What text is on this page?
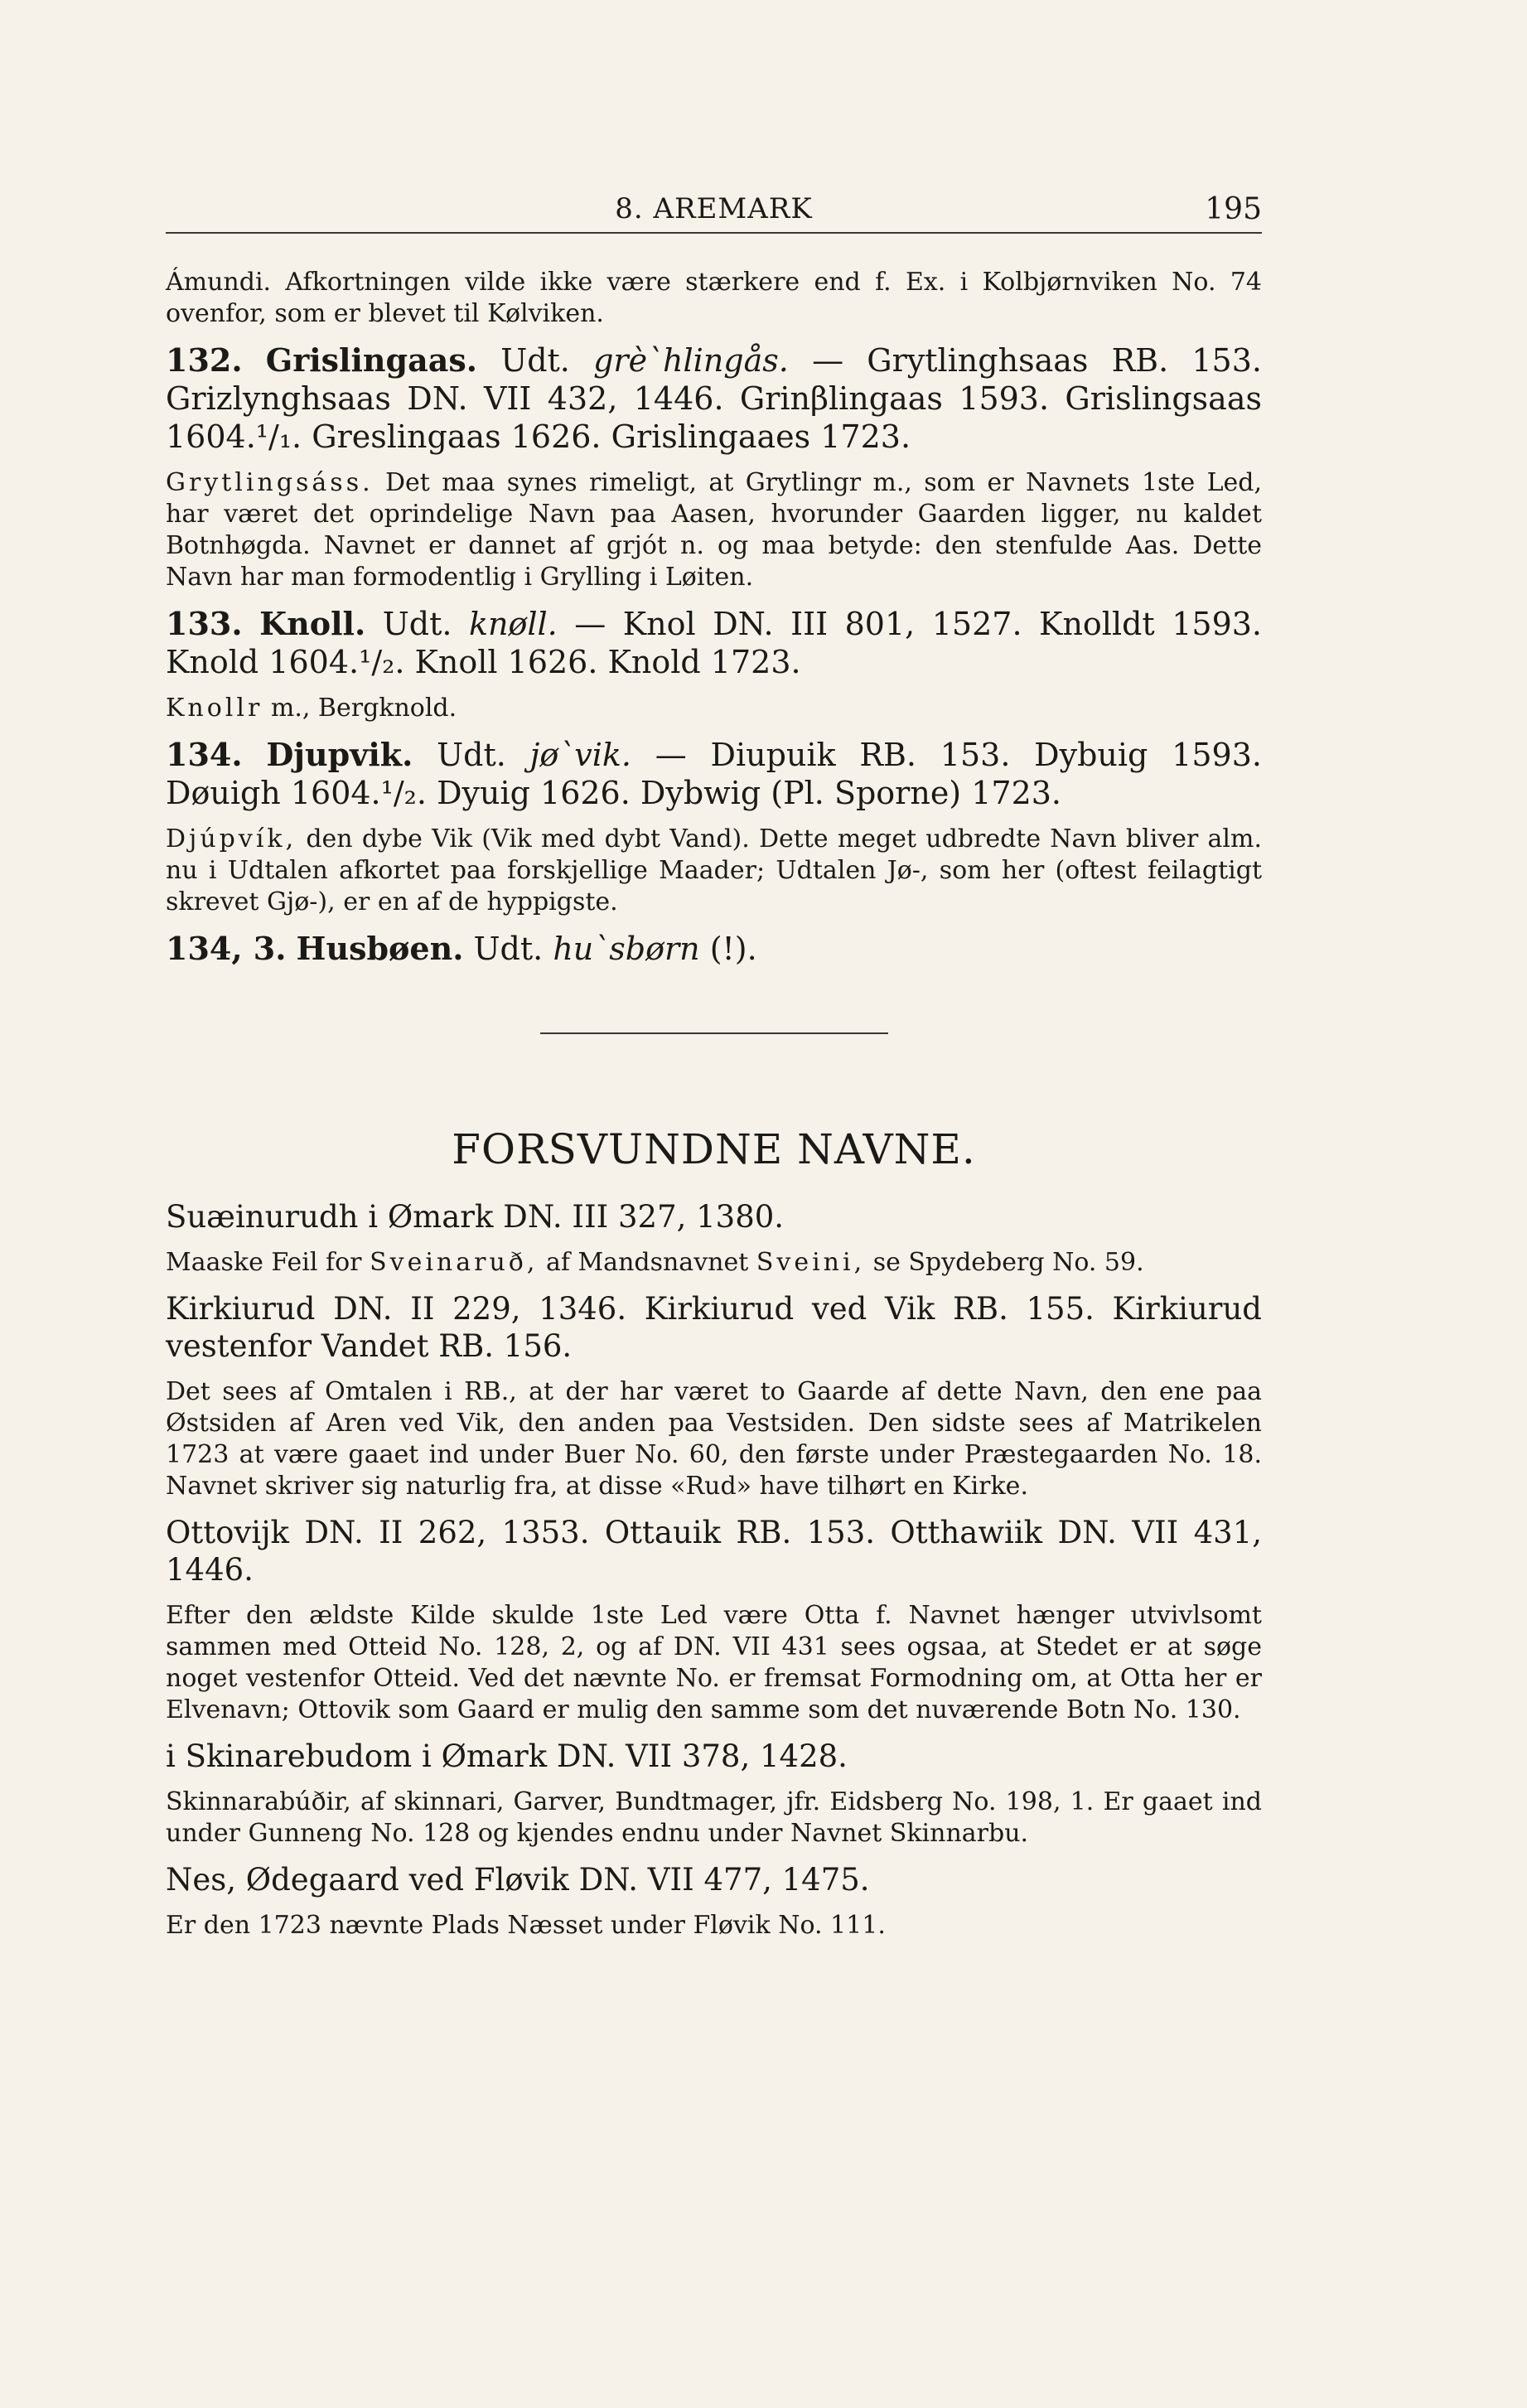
8. AREMARK	195

Ámundi. Afkortningen vilde ikke være stærkere end f. Ex. i Kolbjørnviken No. 74 ovenfor, som er blevet til Kølviken.

132. Grislingaas. Udt. grè`hlingås. — Grytlinghsaas RB. 153. Grizlynghsaas DN. VII 432, 1446. Grinβlingaas 1593. Grislingsaas 1604.¹/₁. Greslingaas 1626. Grislingaaes 1723.

Grytlingsáss. Det maa synes rimeligt, at Grytlingr m., som er Navnets 1ste Led, har været det oprindelige Navn paa Aasen, hvorunder Gaarden ligger, nu kaldet Botnhøgda. Navnet er dannet af grjót n. og maa betyde: den stenfulde Aas. Dette Navn har man formodentlig i Grylling i Løiten.

133. Knoll. Udt. knøll. — Knol DN. III 801, 1527. Knolldt 1593. Knold 1604.¹/₂. Knoll 1626. Knold 1723.

Knollr m., Bergknold.

134. Djupvik. Udt. jø`vik. — Diupuik RB. 153. Dybuig 1593. Døuigh 1604.¹/₂. Dyuig 1626. Dybwig (Pl. Sporne) 1723.

Djúpvík, den dybe Vik (Vik med dybt Vand). Dette meget udbredte Navn bliver alm. nu i Udtalen afkortet paa forskjellige Maader; Udtalen Jø-, som her (oftest feilagtigt skrevet Gjø-), er en af de hyppigste.

134, 3. Husbøen. Udt. hu`sbørn (!).

FORSVUNDNE NAVNE.

Suæinurudh i Ømark DN. III 327, 1380.

Maaske Feil for Sveinaruð, af Mandsnavnet Sveini, se Spydeberg No. 59.

Kirkiurud DN. II 229, 1346. Kirkiurud ved Vik RB. 155. Kirkiurud vestenfor Vandet RB. 156.

Det sees af Omtalen i RB., at der har været to Gaarde af dette Navn, den ene paa Østsiden af Aren ved Vik, den anden paa Vestsiden. Den sidste sees af Matrikelen 1723 at være gaaet ind under Buer No. 60, den første under Præstegaarden No. 18. Navnet skriver sig naturlig fra, at disse «Rud» have tilhørt en Kirke.

Ottovijk DN. II 262, 1353. Ottauik RB. 153. Otthawiik DN. VII 431, 1446.

Efter den ældste Kilde skulde 1ste Led være Otta f. Navnet hænger utvivlsomt sammen med Otteid No. 128, 2, og af DN. VII 431 sees ogsaa, at Stedet er at søge noget vestenfor Otteid. Ved det nævnte No. er fremsat Formodning om, at Otta her er Elvenavn; Ottovik som Gaard er mulig den samme som det nuværende Botn No. 130.

i Skinarebudom i Ømark DN. VII 378, 1428.

Skinnarabúðir, af skinnari, Garver, Bundtmager, jfr. Eidsberg No. 198, 1. Er gaaet ind under Gunneng No. 128 og kjendes endnu under Navnet Skinnarbu.

Nes, Ødegaard ved Fløvik DN. VII 477, 1475.

Er den 1723 nævnte Plads Næsset under Fløvik No. 111.
